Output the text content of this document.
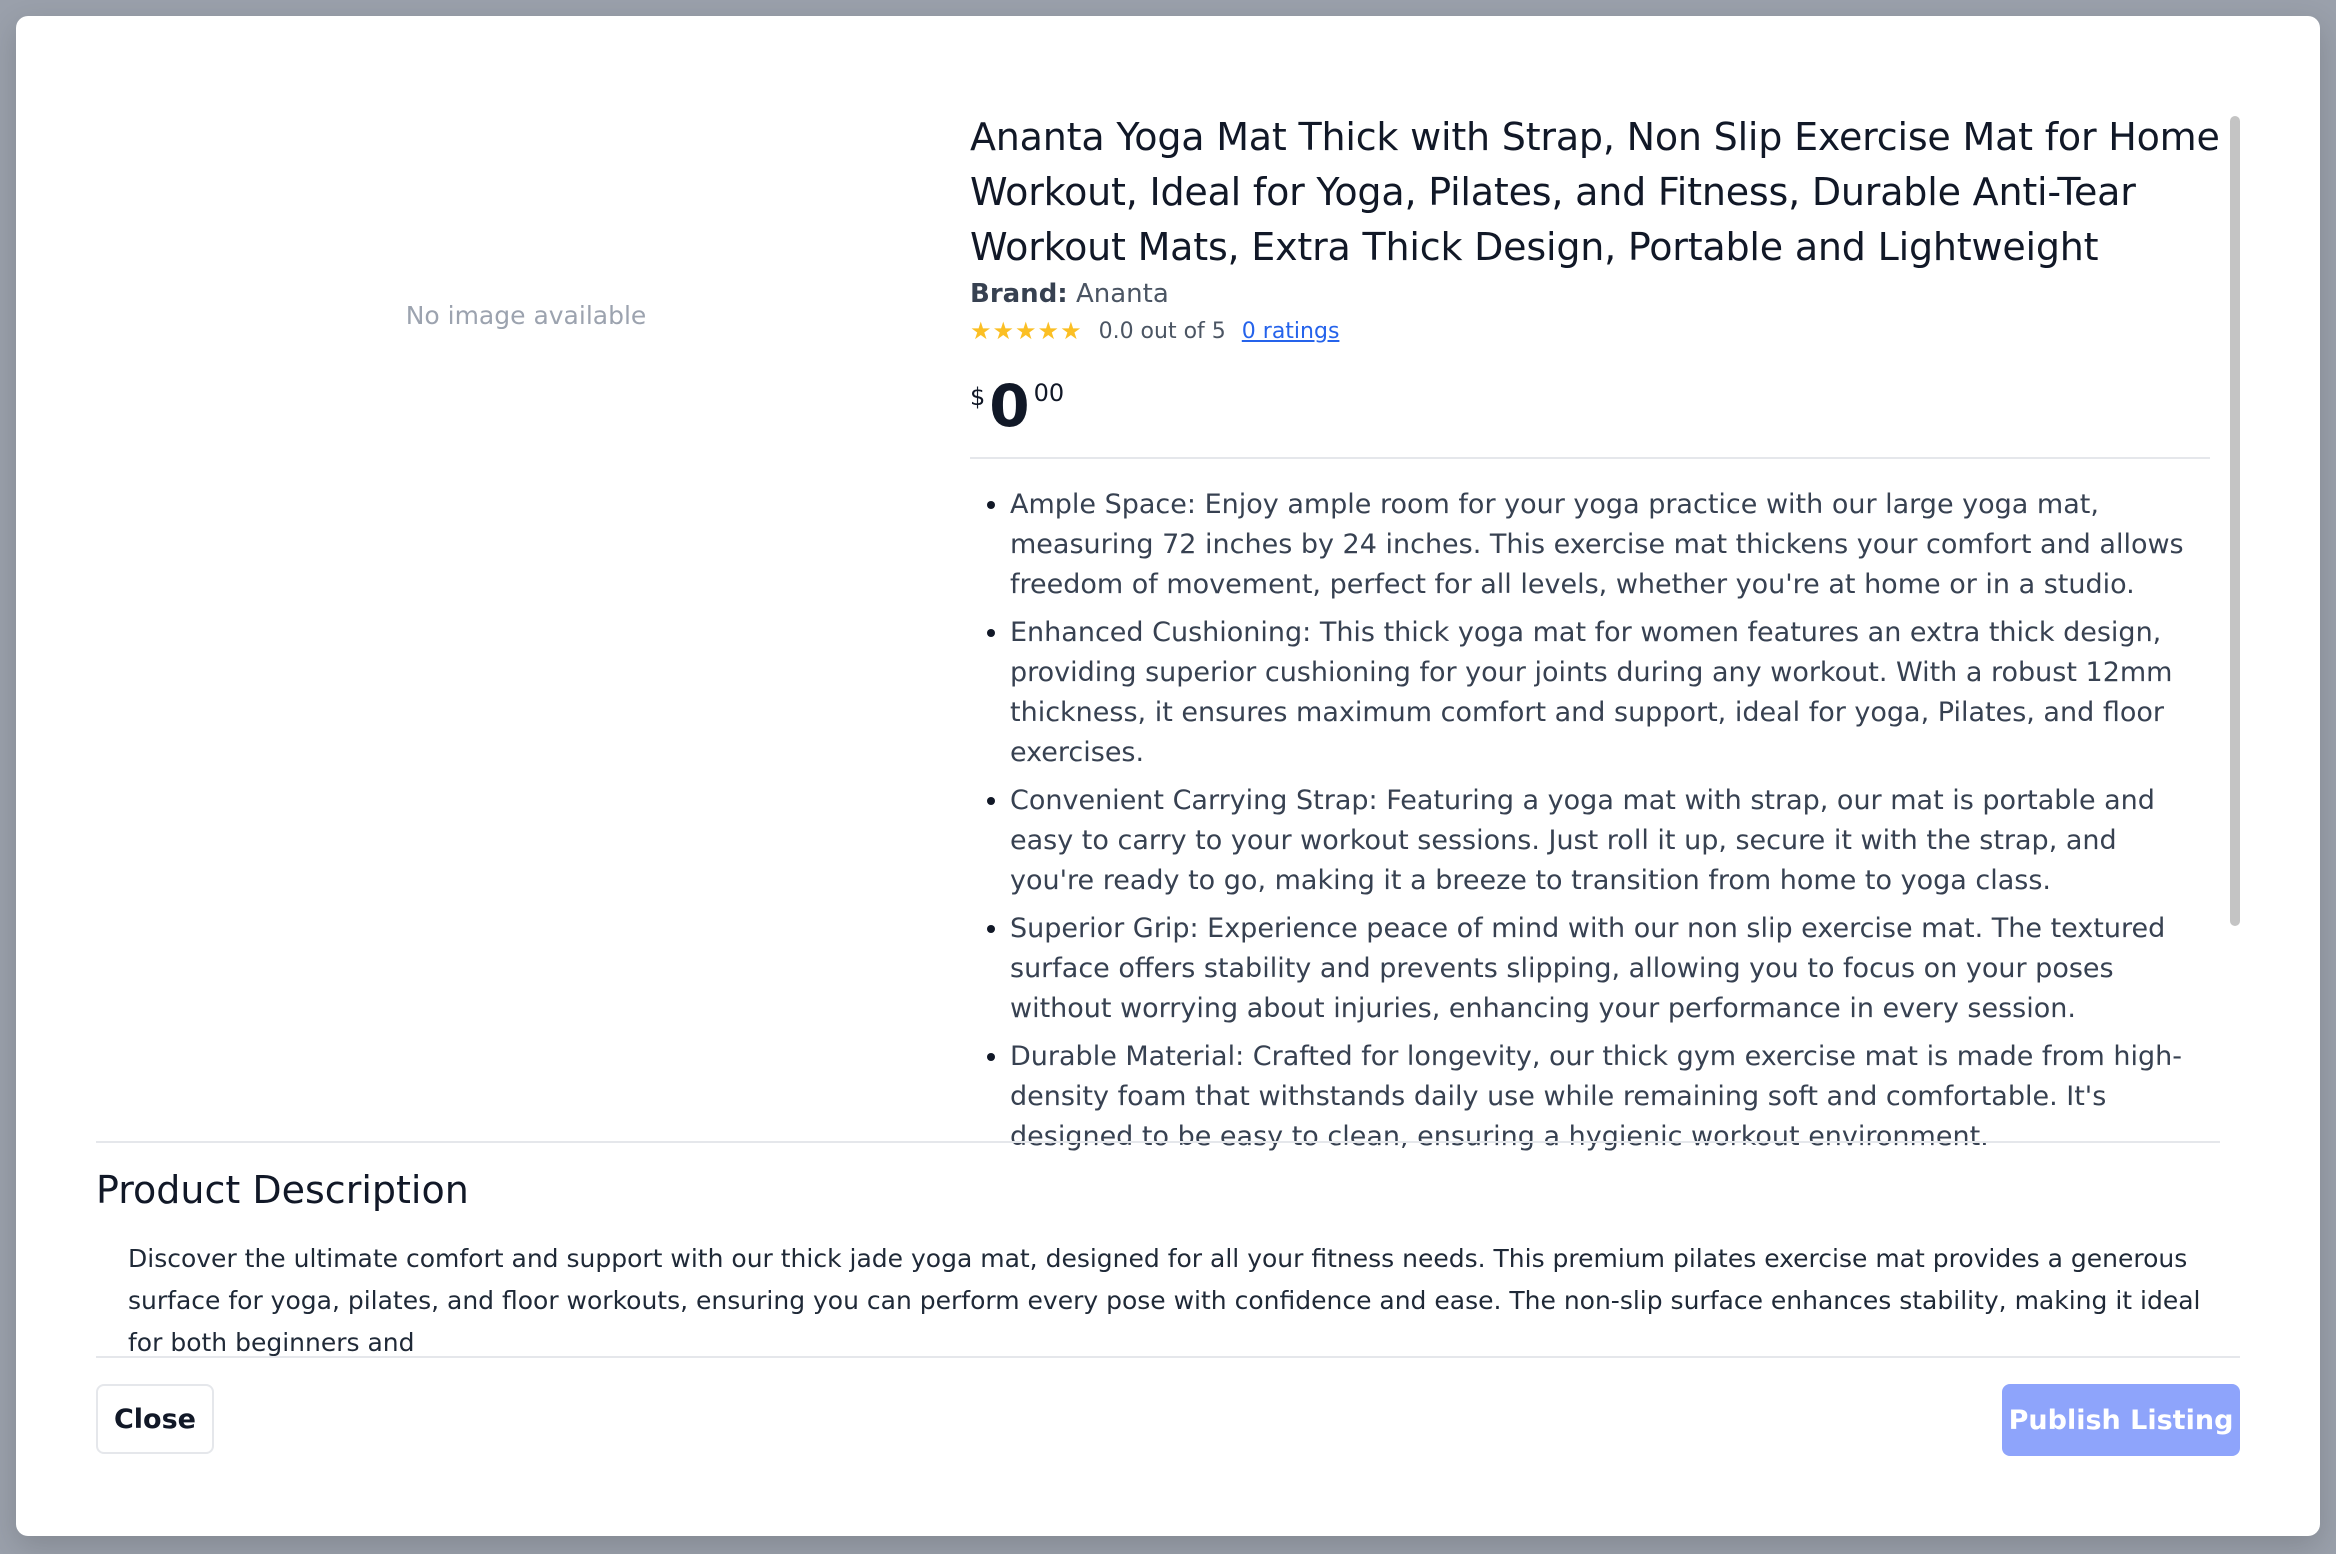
No image available
Ananta Yoga Mat Thick with Strap, Non Slip Exercise Mat for Home Workout, Ideal for Yoga, Pilates, and Fitness, Durable Anti-Tear Workout Mats, Extra Thick Design, Portable and Lightweight
Brand: Ananta
★★★★★ 0.0 out of 5 0 ratings
$ 0 00
• Ample Space: Enjoy ample room for your yoga practice with our large yoga mat, measuring 72 inches by 24 inches. This exercise mat thickens your comfort and allows freedom of movement, perfect for all levels, whether you're at home or in a studio.
• Enhanced Cushioning: This thick yoga mat for women features an extra thick design, providing superior cushioning for your joints during any workout. With a robust 12mm thickness, it ensures maximum comfort and support, ideal for yoga, Pilates, and floor exercises.
• Convenient Carrying Strap: Featuring a yoga mat with strap, our mat is portable and easy to carry to your workout sessions. Just roll it up, secure it with the strap, and you're ready to go, making it a breeze to transition from home to yoga class.
• Superior Grip: Experience peace of mind with our non slip exercise mat. The textured surface offers stability and prevents slipping, allowing you to focus on your poses without worrying about injuries, enhancing your performance in every session.
• Durable Material: Crafted for longevity, our thick gym exercise mat is made from high-density foam that withstands daily use while remaining soft and comfortable. It's designed to be easy to clean, ensuring a hygienic workout environment.
Product Description
Discover the ultimate comfort and support with our thick jade yoga mat, designed for all your fitness needs. This premium pilates exercise mat provides a generous surface for yoga, pilates, and floor workouts, ensuring you can perform every pose with confidence and ease. The non-slip surface enhances stability, making it ideal for both beginners and
Close	Publish Listing
